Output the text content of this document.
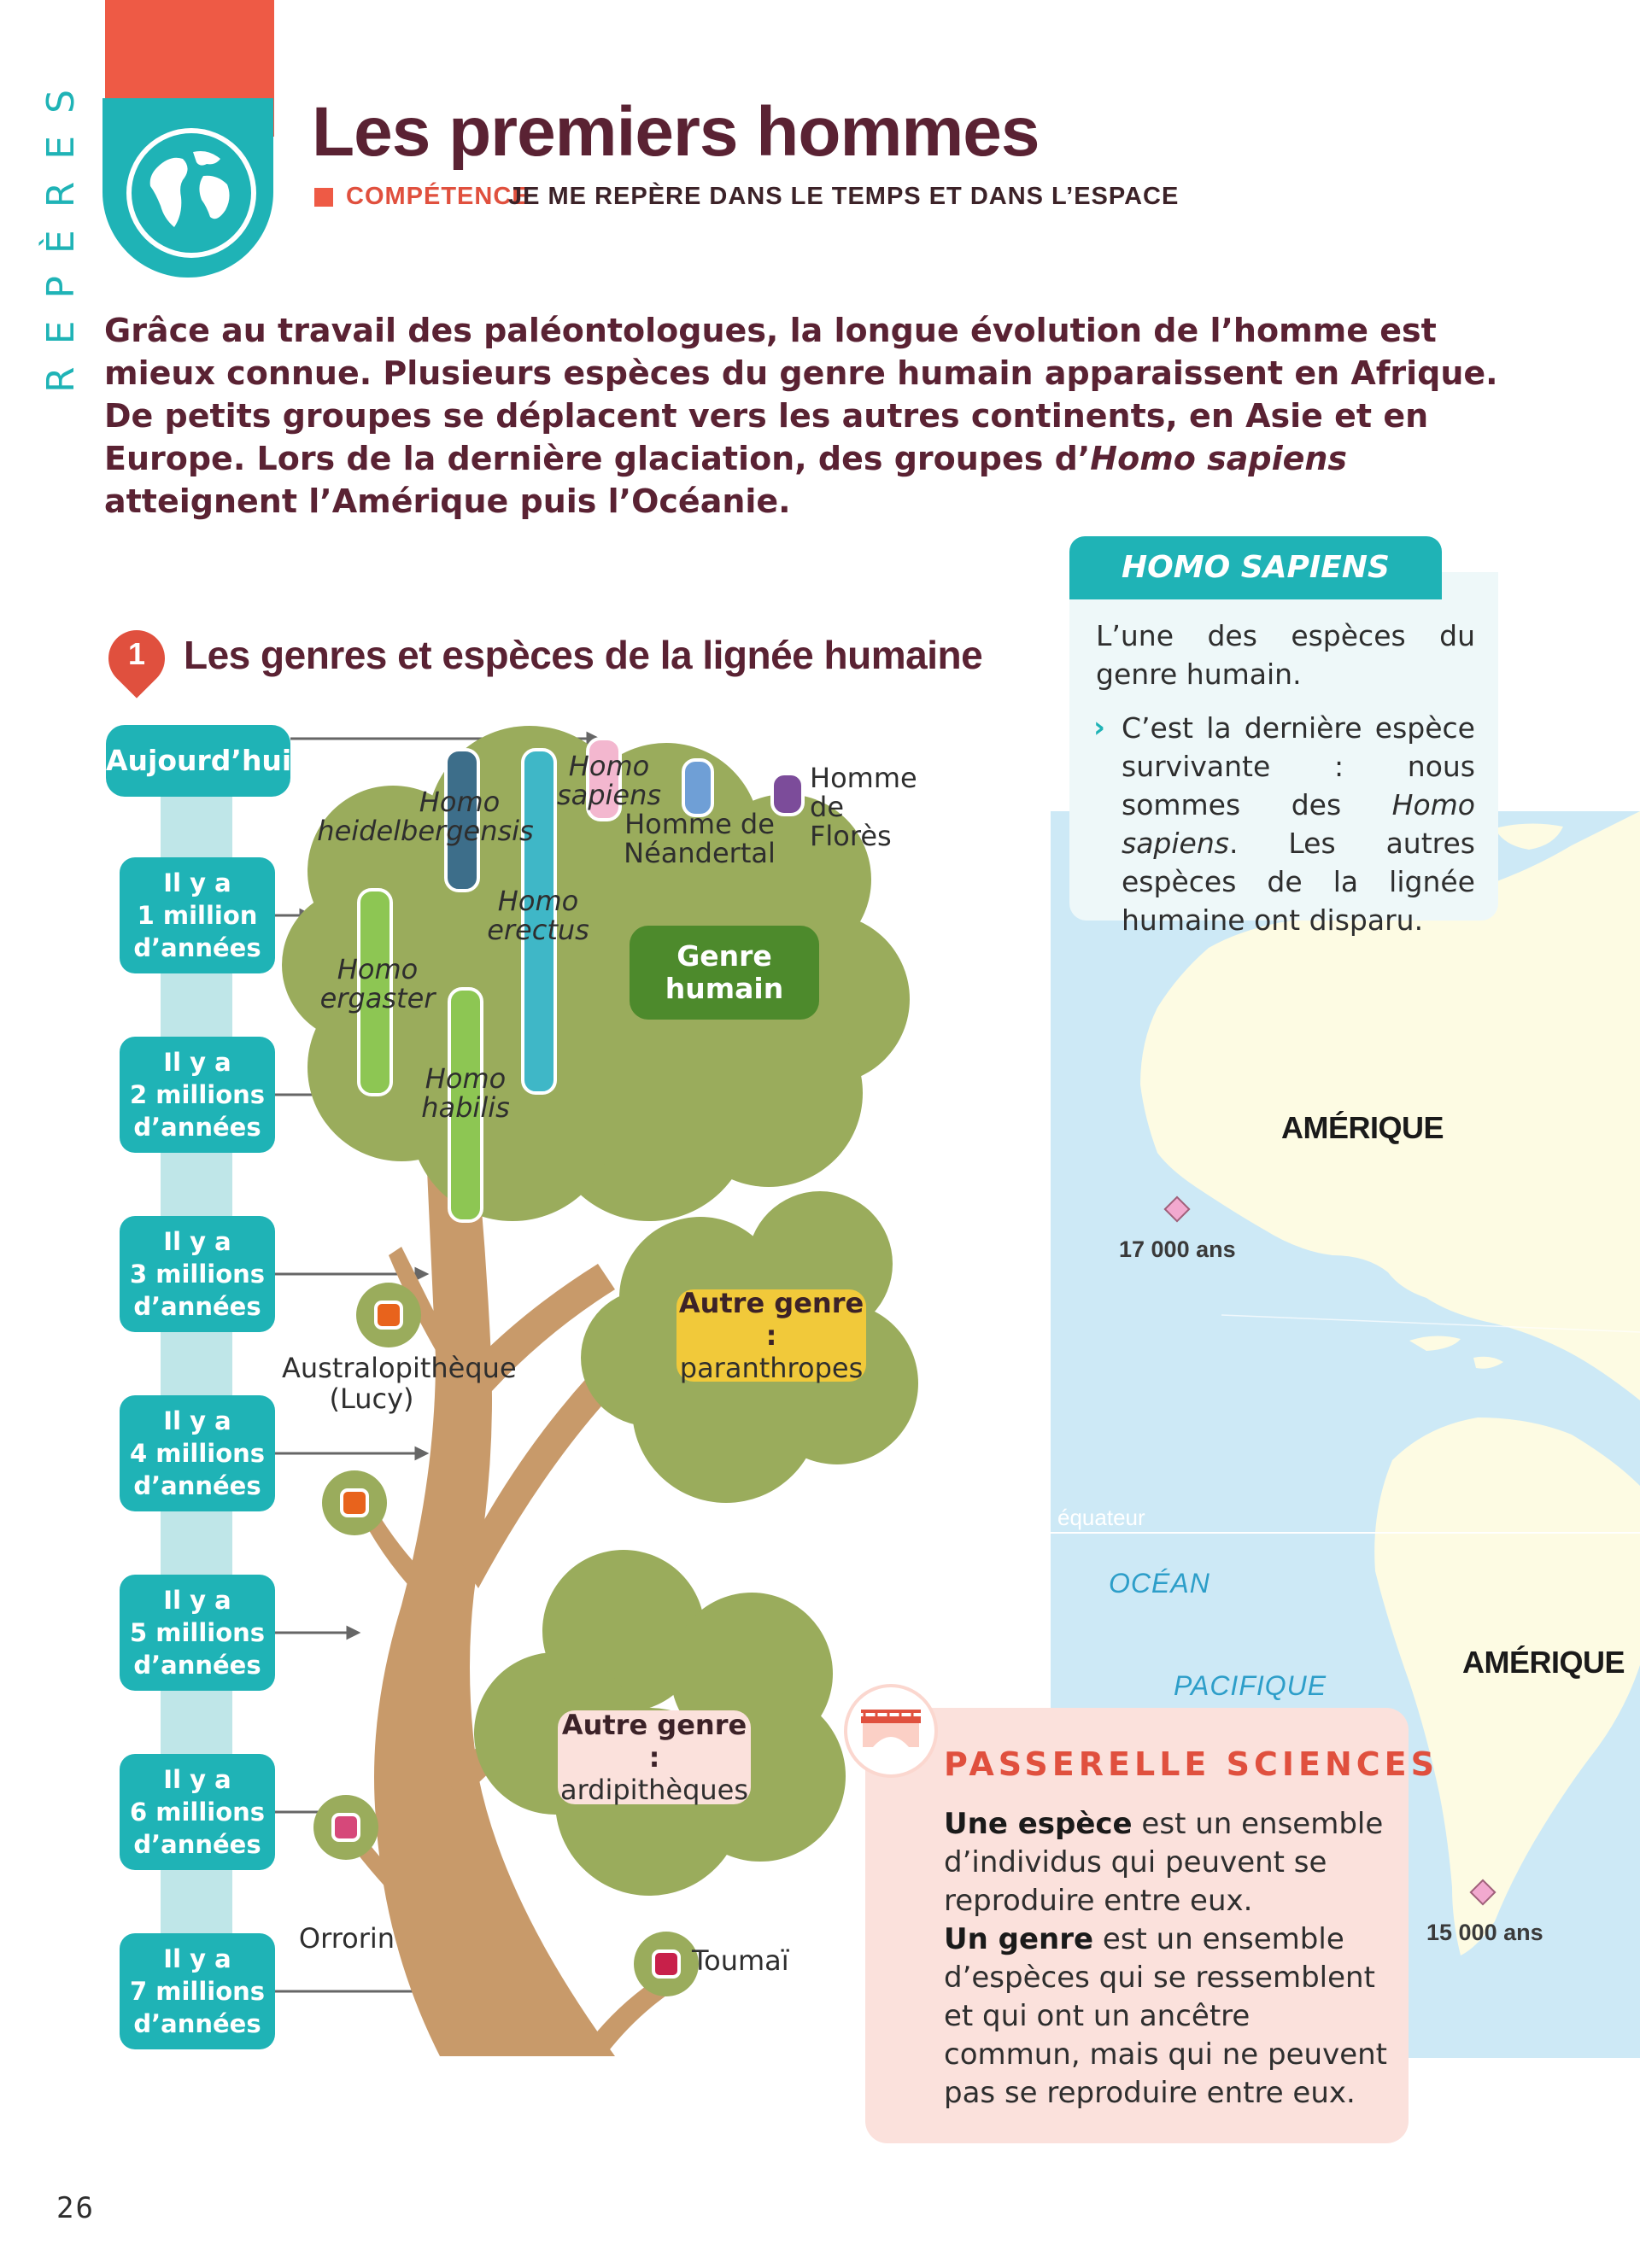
REPÈRES	Les premiers hommes
COMPÉTENCE
JE ME REPÈRE DANS LE TEMPS ET DANS L’ESPACE
Grâce au travail des paléontologues, la longue évolution de l’homme est mieux connue. Plusieurs espèces du genre humain apparaissent en Afrique. De petits groupes se déplacent vers les autres continents, en Asie et en Europe. Lors de la dernière glaciation, des groupes d’Homo sapiens atteignent l’Amérique puis l’Océanie.
1 Les genres et espèces de la lignée humaine
AMÉRIQUE
AMÉRIQUE
OCÉAN
PACIFIQUE
équateur
17 000 ans
15 000 ans
HOMO SAPIENS
L’une des espèces du genre humain.
› C’est la dernière espèce survivante : nous sommes des Homo sapiens. Les autres espèces de la lignée humaine ont disparu.
Aujourd’hui
Il y a
1 million
d’années
Il y a
2 millions
d’années
Il y a
3 millions
d’années
Il y a
4 millions
d’années
Il y a
5 millions
d’années
Il y a
6 millions
d’années
Il y a
7 millions
d’années
Homo
heidelbergensis
Homo
sapiens
Homme de
Néandertal
Homme
de Florès
Homo
erectus
Homo
ergaster
Homo
habilis
Genre
humain
Autre genre :
paranthropes
Autre genre :
ardipithèques
Australopithèque
(Lucy)
Orrorin
Toumaï
PASSERELLE SCIENCES
Une espèce est un ensemble d’individus qui peuvent se reproduire entre eux.
Un genre est un ensemble d’espèces qui se ressemblent et qui ont un ancêtre commun, mais qui ne peuvent pas se reproduire entre eux.
26
